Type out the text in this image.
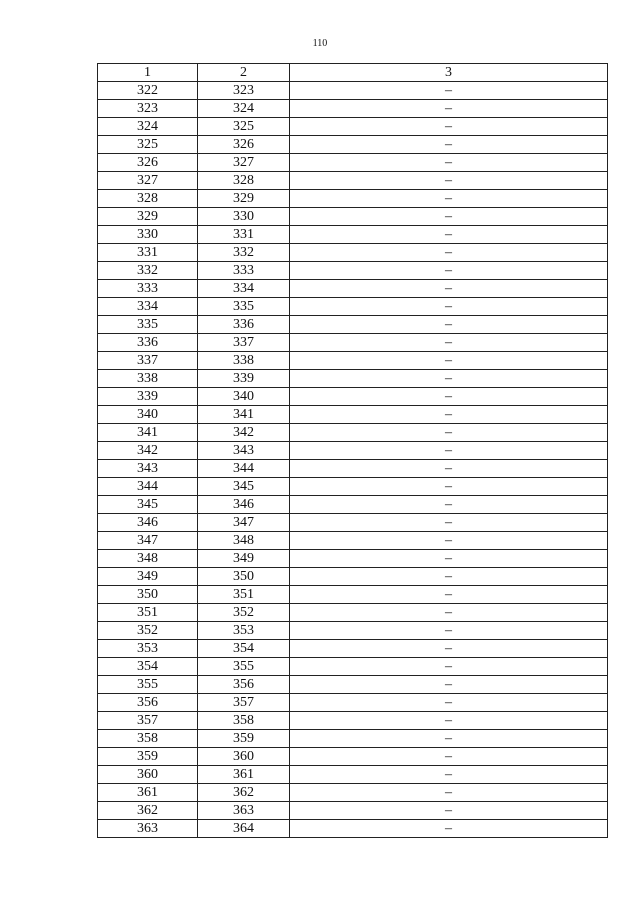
110
1	2	3
322	323	–
323	324	–
324	325	–
325	326	–
326	327	–
327	328	–
328	329	–
329	330	–
330	331	–
331	332	–
332	333	–
333	334	–
334	335	–
335	336	–
336	337	–
337	338	–
338	339	–
339	340	–
340	341	–
341	342	–
342	343	–
343	344	–
344	345	–
345	346	–
346	347	–
347	348	–
348	349	–
349	350	–
350	351	–
351	352	–
352	353	–
353	354	–
354	355	–
355	356	–
356	357	–
357	358	–
358	359	–
359	360	–
360	361	–
361	362	–
362	363	–
363	364	–
